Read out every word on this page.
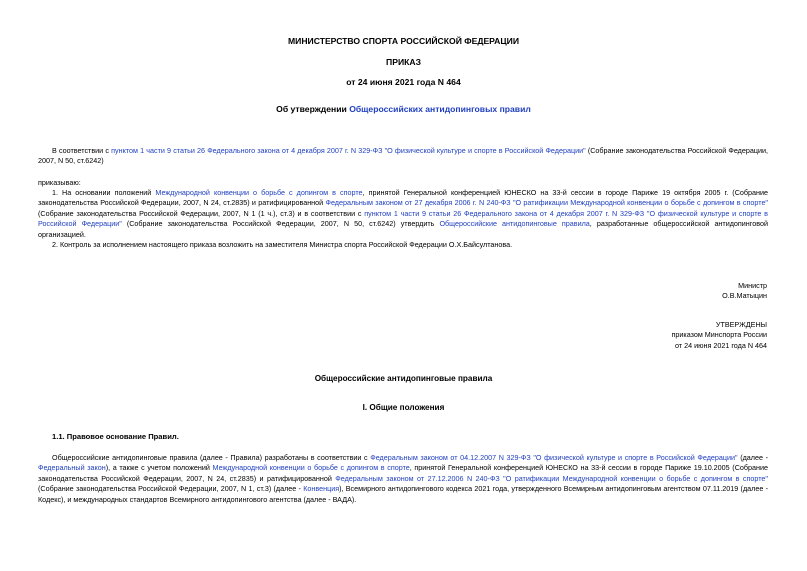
МИНИСТЕРСТВО СПОРТА РОССИЙСКОЙ ФЕДЕРАЦИИ
ПРИКАЗ
от 24 июня 2021 года N 464
Об утверждении Общероссийских антидопинговых правил
В соответствии с пунктом 1 части 9 статьи 26 Федерального закона от 4 декабря 2007 г. N 329-ФЗ "О физической культуре и спорте в Российской Федерации" (Собрание законодательства Российской Федерации, 2007, N 50, ст.6242)
приказываю:
1. На основании положений Международной конвенции о борьбе с допингом в спорте, принятой Генеральной конференцией ЮНЕСКО на 33-й сессии в городе Париже 19 октября 2005 г. (Собрание законодательства Российской Федерации, 2007, N 24, ст.2835) и ратифицированной Федеральным законом от 27 декабря 2006 г. N 240-ФЗ "О ратификации Международной конвенции о борьбе с допингом в спорте" (Собрание законодательства Российской Федерации, 2007, N 1 (1 ч.), ст.3) и в соответствии с пунктом 1 части 9 статьи 26 Федерального закона от 4 декабря 2007 г. N 329-ФЗ "О физической культуре и спорте в Российской Федерации" (Собрание законодательства Российской Федерации, 2007, N 50, ст.6242) утвердить Общероссийские антидопинговые правила, разработанные общероссийской антидопинговой организацией.
2. Контроль за исполнением настоящего приказа возложить на заместителя Министра спорта Российской Федерации О.Х.Байсултанова.
Министр
О.В.Матыцин
УТВЕРЖДЕНЫ
приказом Минспорта России
от 24 июня 2021 года N 464
Общероссийские антидопинговые правила
I. Общие положения
1.1. Правовое основание Правил.
Общероссийские антидопинговые правила (далее - Правила) разработаны в соответствии с Федеральным законом от 04.12.2007 N 329-ФЗ "О физической культуре и спорте в Российской Федерации" (далее - Федеральный закон), а также с учетом положений Международной конвенции о борьбе с допингом в спорте, принятой Генеральной конференцией ЮНЕСКО на 33-й сессии в городе Париже 19.10.2005 (Собрание законодательства Российской Федерации, 2007, N 24, ст.2835) и ратифицированной Федеральным законом от 27.12.2006 N 240-ФЗ "О ратификации Международной конвенции о борьбе с допингом в спорте" (Собрание законодательства Российской Федерации, 2007, N 1, ст.3) (далее - Конвенция), Всемирного антидопингового кодекса 2021 года, утвержденного Всемирным антидопинговым агентством 07.11.2019 (далее - Кодекс), и международных стандартов Всемирного антидопингового агентства (далее - ВАДА).
